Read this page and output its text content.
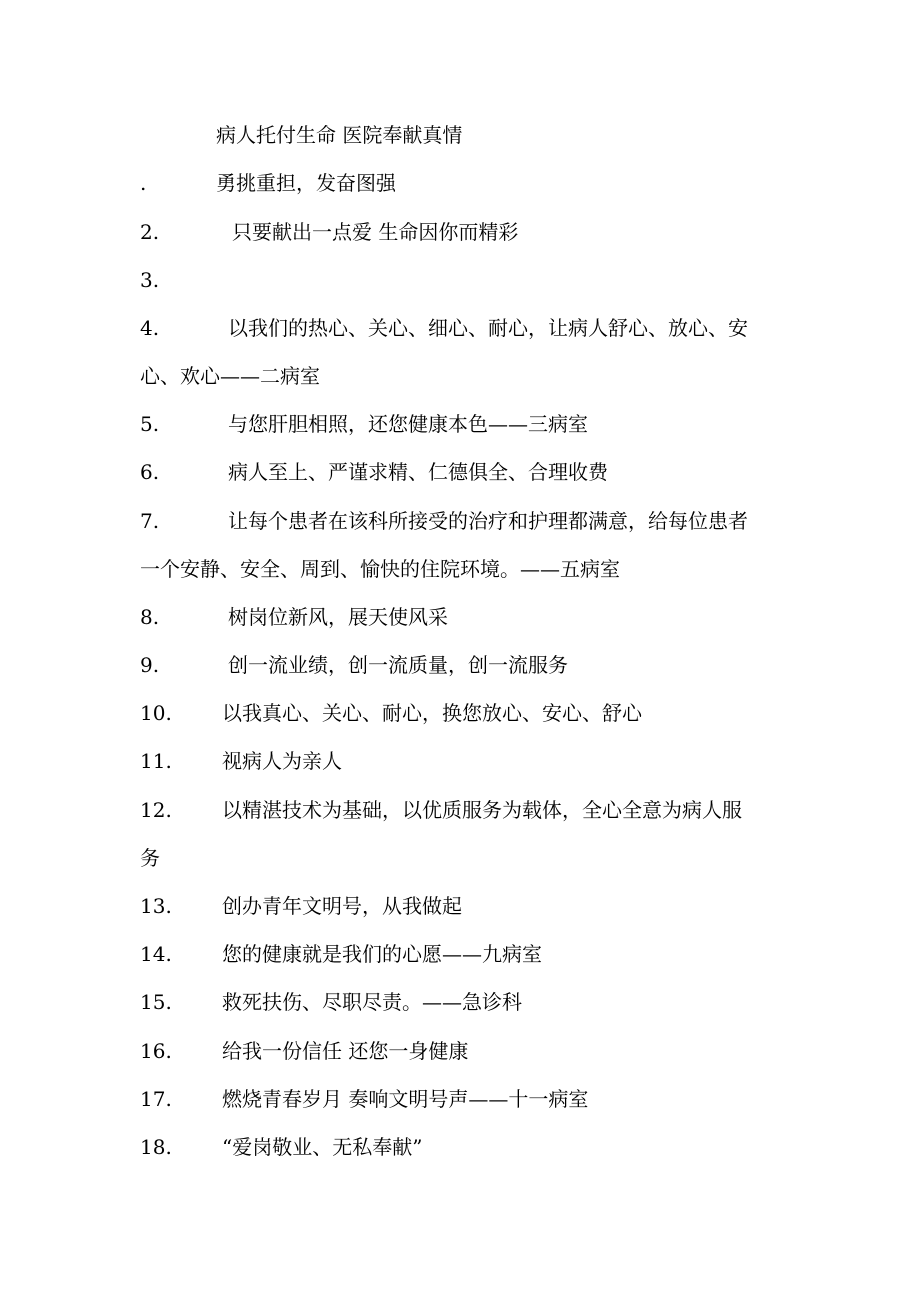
病人托付生命 医院奉献真情
.	勇挑重担，发奋图强
2.	只要献出一点爱 生命因你而精彩
3.
4.	以我们的热心、关心、细心、耐心，让病人舒心、放心、安
心、欢心——二病室
5.	与您肝胆相照，还您健康本色——三病室
6.	病人至上、严谨求精、仁德俱全、合理收费
7.	让每个患者在该科所接受的治疗和护理都满意，给每位患者
一个安静、安全、周到、愉快的住院环境。——五病室
8.	树岗位新风，展天使风采
9.	创一流业绩，创一流质量，创一流服务
10.	以我真心、关心、耐心，换您放心、安心、舒心
11.	视病人为亲人
12.	以精湛技术为基础，以优质服务为载体，全心全意为病人服
务
13.	创办青年文明号，从我做起
14.	您的健康就是我们的心愿——九病室
15.	救死扶伤、尽职尽责。——急诊科
16.	给我一份信任 还您一身健康
17.	燃烧青春岁月 奏响文明号声——十一病室
18.	“爱岗敬业、无私奉献”
